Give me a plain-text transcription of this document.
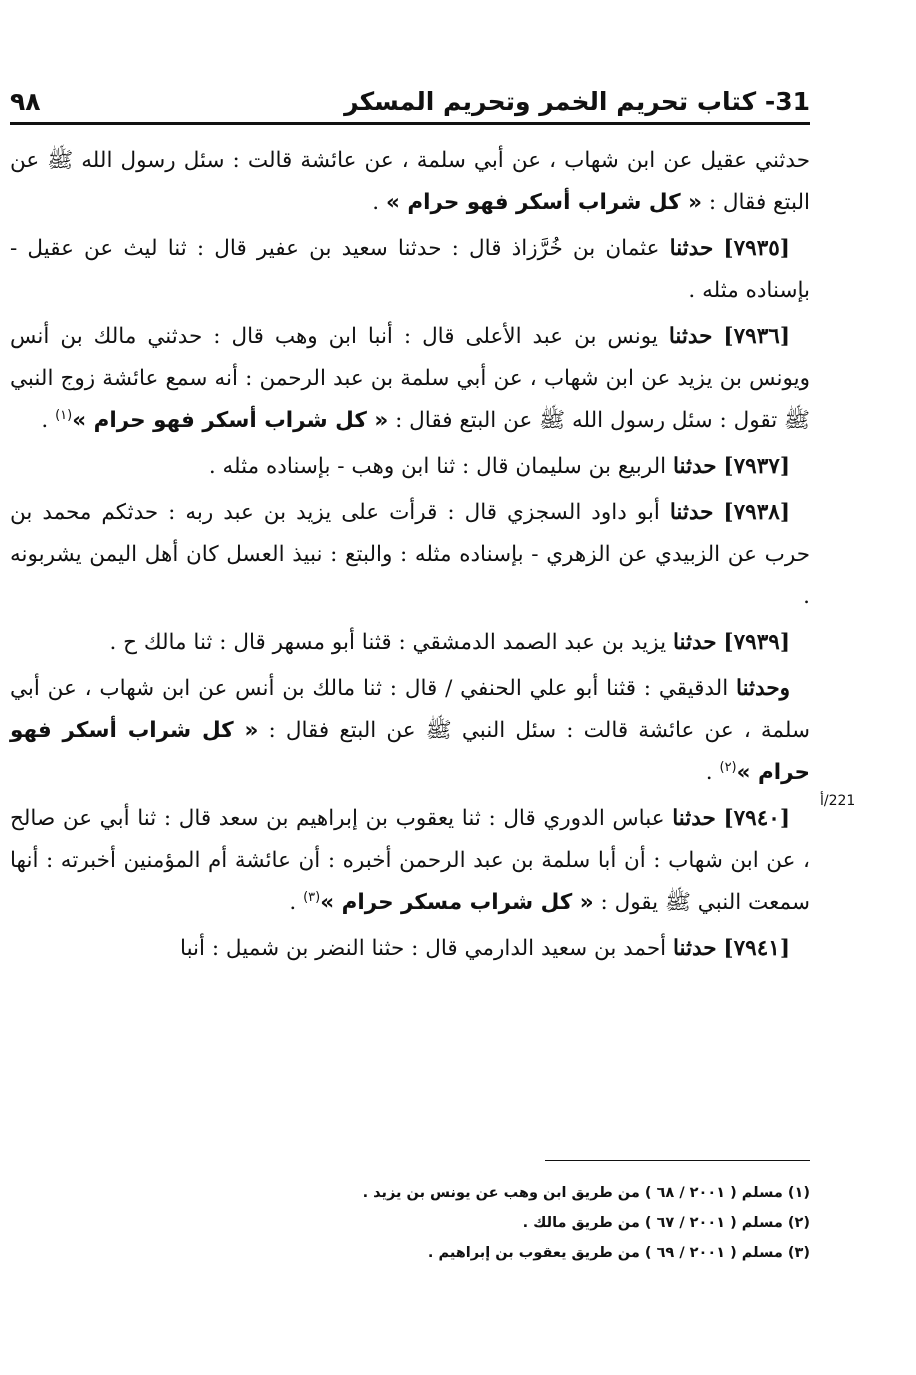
31- كتاب تحريم الخمر وتحريم المسكر
٩٨
221/أ

حدثني عقيل عن ابن شهاب ، عن أبي سلمة ، عن عائشة قالت : سئل رسول الله ﷺ عن البتع فقال : « كل شراب أسكر فهو حرام » .

[٧٩٣٥] حدثنا عثمان بن خُرَّزاذ قال : حدثنا سعيد بن عفير قال : ثنا ليث عن عقيل - بإسناده مثله .

[٧٩٣٦] حدثنا يونس بن عبد الأعلى قال : أنبا ابن وهب قال : حدثني مالك بن أنس ويونس بن يزيد عن ابن شهاب ، عن أبي سلمة بن عبد الرحمن : أنه سمع عائشة زوج النبي ﷺ تقول : سئل رسول الله ﷺ عن البتع فقال : « كل شراب أسكر فهو حرام »$^{(١)}$ .

[٧٩٣٧] حدثنا الربيع بن سليمان قال : ثنا ابن وهب - بإسناده مثله .

[٧٩٣٨] حدثنا أبو داود السجزي قال : قرأت على يزيد بن عبد ربه : حدثكم محمد بن حرب عن الزبيدي عن الزهري - بإسناده مثله : والبتع : نبيذ العسل كان أهل اليمن يشربونه .

[٧٩٣٩] حدثنا يزيد بن عبد الصمد الدمشقي : قثنا أبو مسهر قال : ثنا مالك ح .

وحدثنا الدقيقي : قثنا أبو علي الحنفي / قال : ثنا مالك بن أنس عن ابن شهاب ، عن أبي سلمة ، عن عائشة قالت : سئل النبي ﷺ عن البتع فقال : « كل شراب أسكر فهو حرام »$^{(٢)}$ .

[٧٩٤٠] حدثنا عباس الدوري قال : ثنا يعقوب بن إبراهيم بن سعد قال : ثنا أبي عن صالح ، عن ابن شهاب : أن أبا سلمة بن عبد الرحمن أخبره : أن عائشة أم المؤمنين أخبرته : أنها سمعت النبي ﷺ يقول : « كل شراب مسكر حرام »$^{(٣)}$ .

[٧٩٤١] حدثنا أحمد بن سعيد الدارمي قال : حثنا النضر بن شميل : أنبا

(١) مسلم ( ٢٠٠١ / ٦٨ ) من طريق ابن وهب عن يونس بن يزيد .
(٢) مسلم ( ٢٠٠١ / ٦٧ ) من طريق مالك .
(٣) مسلم ( ٢٠٠١ / ٦٩ ) من طريق يعقوب بن إبراهيم .
